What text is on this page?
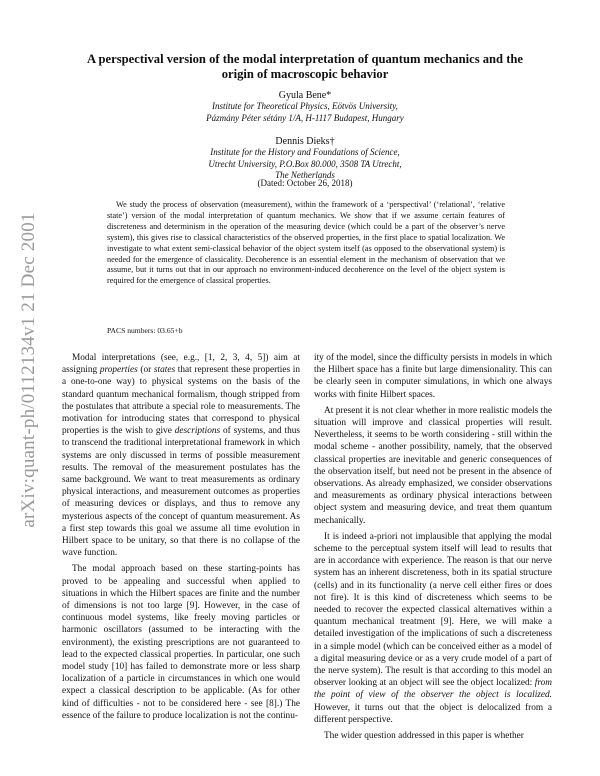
arXiv:quant-ph/0112134v1 21 Dec 2001
A perspectival version of the modal interpretation of quantum mechanics and the origin of macroscopic behavior
Gyula Bene*
Institute for Theoretical Physics, Eötvös University,
Pázmány Péter sétány 1/A, H-1117 Budapest, Hungary
Dennis Dieks†
Institute for the History and Foundations of Science,
Utrecht University, P.O.Box 80.000, 3508 TA Utrecht,
The Netherlands
(Dated: October 26, 2018)

We study the process of observation (measurement), within the framework of a ‘perspectival’ (‘relational’, ‘relative state’) version of the modal interpretation of quantum mechanics. We show that if we assume certain features of discreteness and determinism in the operation of the measuring device (which could be a part of the observer’s nerve system), this gives rise to classical characteristics of the observed properties, in the first place to spatial localization. We investigate to what extent semi-classical behavior of the object system itself (as opposed to the observational system) is needed for the emergence of classicality. Decoherence is an essential element in the mechanism of observation that we assume, but it turns out that in our approach no environment-induced decoherence on the level of the object system is required for the emergence of classical properties.

PACS numbers: 03.65+b

Modal interpretations (see, e.g., [1, 2, 3, 4, 5]) aim at assigning properties (or states that represent these properties in a one-to-one way) to physical systems on the basis of the standard quantum mechanical formalism, though stripped from the postulates that attribute a special role to measurements. The motivation for introducing states that correspond to physical properties is the wish to give descriptions of systems, and thus to transcend the traditional interpretational framework in which systems are only discussed in terms of possible measurement results. The removal of the measurement postulates has the same background. We want to treat measurements as ordinary physical interactions, and measurement outcomes as properties of measuring devices or displays, and thus to remove any mysterious aspects of the concept of quantum measurement. As a first step towards this goal we assume all time evolution in Hilbert space to be unitary, so that there is no collapse of the wave function.

The modal approach based on these starting-points has proved to be appealing and successful when applied to situations in which the Hilbert spaces are finite and the number of dimensions is not too large [9]. However, in the case of continuous model systems, like freely moving particles or harmonic oscillators (assumed to be interacting with the environment), the existing prescriptions are not guaranteed to lead to the expected classical properties. In particular, one such model study [10] has failed to demonstrate more or less sharp localization of a particle in circumstances in which one would expect a classical description to be applicable. (As for other kind of difficulties - not to be considered here - see [8].) The essence of the failure to produce localization is not the continu-

ity of the model, since the difficulty persists in models in which the Hilbert space has a finite but large dimensionality. This can be clearly seen in computer simulations, in which one always works with finite Hilbert spaces.

At present it is not clear whether in more realistic models the situation will improve and classical properties will result. Nevertheless, it seems to be worth considering - still within the modal scheme - another possibility, namely, that the observed classical properties are inevitable and generic consequences of the observation itself, but need not be present in the absence of observations. As already emphasized, we consider observations and measurements as ordinary physical interactions between object system and measuring device, and treat them quantum mechanically.

It is indeed a-priori not implausible that applying the modal scheme to the perceptual system itself will lead to results that are in accordance with experience. The reason is that our nerve system has an inherent discreteness, both in its spatial structure (cells) and in its functionality (a nerve cell either fires or does not fire). It is this kind of discreteness which seems to be needed to recover the expected classical alternatives within a quantum mechanical treatment [9]. Here, we will make a detailed investigation of the implications of such a discreteness in a simple model (which can be conceived either as a model of a digital measuring device or as a very crude model of a part of the nerve system). The result is that according to this model an observer looking at an object will see the object localized: from the point of view of the observer the object is localized. However, it turns out that the object is delocalized from a different perspective.

The wider question addressed in this paper is whether
